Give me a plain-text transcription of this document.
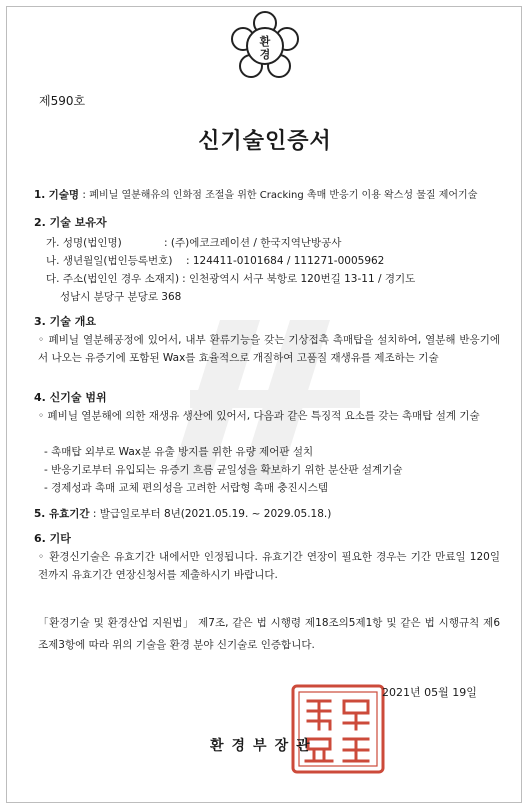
환
경
제590호
신기술인증서
1. 기술명 : 폐비닐 열분해유의 인화점 조절을 위한 Cracking 촉매 반응기 이용 왁스성 물질 제어기술
2. 기술 보유자
가. 성명(법인명)	: (주)에코크레이션 / 한국지역난방공사
나. 생년월일(법인등록번호) : 124411-0101684 / 111271-0005962
다. 주소(법인인 경우 소재지) : 인천광역시 서구 북항로 120번길 13-11 / 경기도
성남시 분당구 분당로 368
3. 기술 개요
◦ 폐비닐 열분해공정에 있어서, 내부 환류기능을 갖는 기상접촉 촉매탑을 설치하여, 열분해 반응기에서 나오는 유증기에 포함된 Wax를 효율적으로 개질하여 고품질 재생유를 제조하는 기술
4. 신기술 범위
◦ 폐비닐 열분해에 의한 재생유 생산에 있어서, 다음과 같은 특징적 요소를 갖는 촉매탑 설계 기술
- 촉매탑 외부로 Wax분 유출 방지를 위한 유량 제어판 설치
- 반응기로부터 유입되는 유증기 흐름 균일성을 확보하기 위한 분산판 설계기술
- 경제성과 촉매 교체 편의성을 고려한 서랍형 촉매 충진시스템
5. 유효기간 : 발급일로부터 8년(2021.05.19. ~ 2029.05.18.)
6. 기타
◦ 환경신기술은 유효기간 내에서만 인정됩니다. 유효기간 연장이 필요한 경우는 기간 만료일 120일 전까지 유효기간 연장신청서를 제출하시기 바랍니다.
「환경기술 및 환경산업 지원법」 제7조, 같은 법 시행령 제18조의5제1항 및 같은 법 시행규칙 제6조제3항에 따라 위의 기술을 환경 분야 신기술로 인증합니다.
2021년 05월 19일
환경부장관
